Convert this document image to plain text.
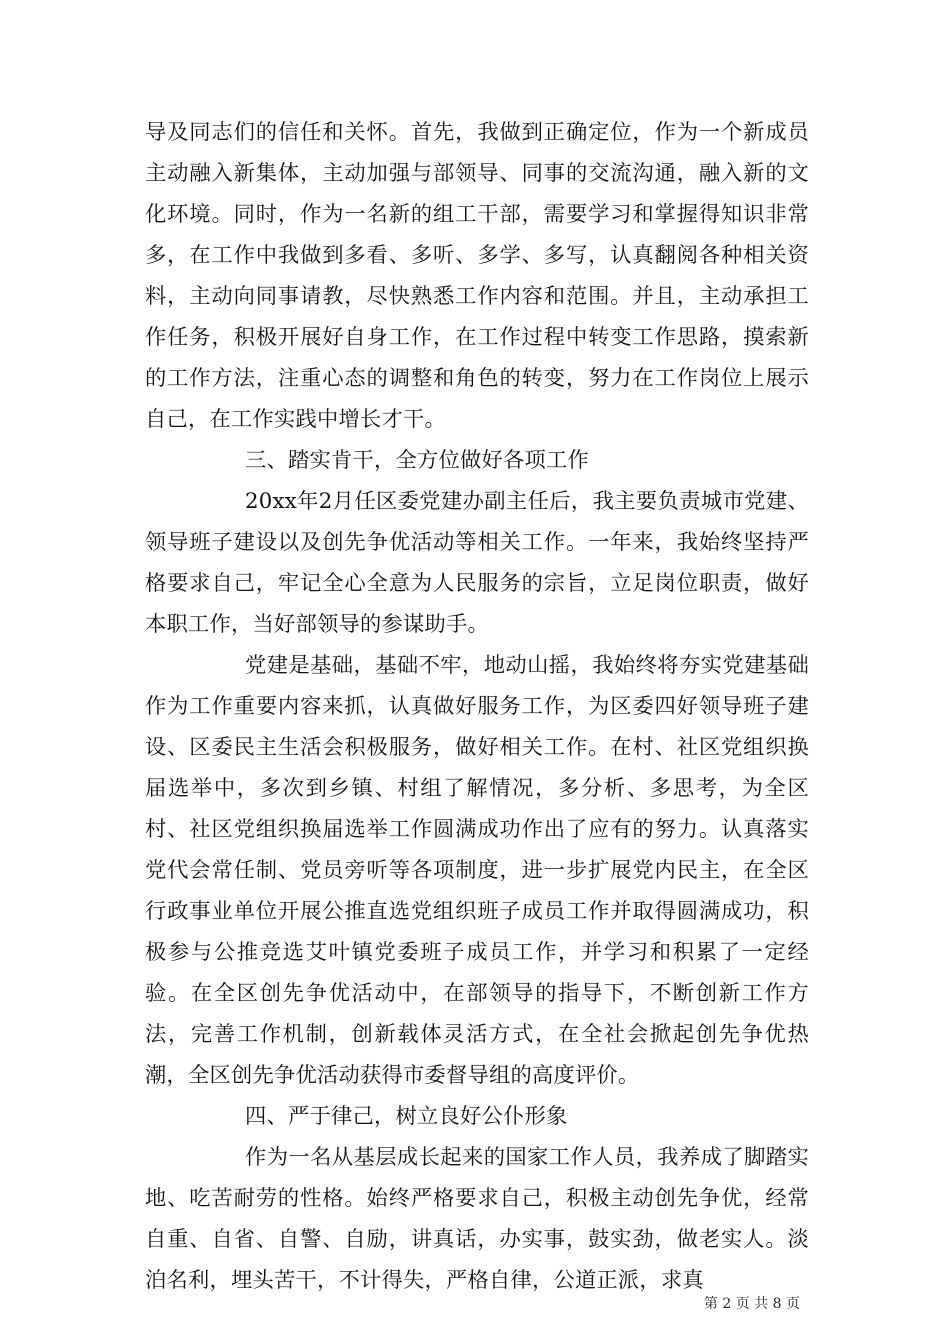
导及同志们的信任和关怀。首先，我做到正确定位，作为一个新成员主动融入新集体，主动加强与部领导、同事的交流沟通，融入新的文化环境。同时，作为一名新的组工干部，需要学习和掌握得知识非常多，在工作中我做到多看、多听、多学、多写，认真翻阅各种相关资料，主动向同事请教，尽快熟悉工作内容和范围。并且，主动承担工作任务，积极开展好自身工作，在工作过程中转变工作思路，摸索新的工作方法，注重心态的调整和角色的转变，努力在工作岗位上展示自己，在工作实践中增长才干。

三、踏实肯干，全方位做好各项工作

20xx年2月任区委党建办副主任后，我主要负责城市党建、领导班子建设以及创先争优活动等相关工作。一年来，我始终坚持严格要求自己，牢记全心全意为人民服务的宗旨，立足岗位职责，做好本职工作，当好部领导的参谋助手。

党建是基础，基础不牢，地动山摇，我始终将夯实党建基础作为工作重要内容来抓，认真做好服务工作，为区委四好领导班子建设、区委民主生活会积极服务，做好相关工作。在村、社区党组织换届选举中，多次到乡镇、村组了解情况，多分析、多思考，为全区村、社区党组织换届选举工作圆满成功作出了应有的努力。认真落实党代会常任制、党员旁听等各项制度，进一步扩展党内民主，在全区行政事业单位开展公推直选党组织班子成员工作并取得圆满成功，积极参与公推竞选艾叶镇党委班子成员工作，并学习和积累了一定经验。在全区创先争优活动中，在部领导的指导下，不断创新工作方法，完善工作机制，创新载体灵活方式，在全社会掀起创先争优热潮，全区创先争优活动获得市委督导组的高度评价。

四、严于律己，树立良好公仆形象

作为一名从基层成长起来的国家工作人员，我养成了脚踏实地、吃苦耐劳的性格。始终严格要求自己，积极主动创先争优，经常自重、自省、自警、自励，讲真话，办实事，鼓实劲，做老实人。淡泊名利，埋头苦干，不计得失，严格自律，公道正派，求真

第 2 页 共 8 页
